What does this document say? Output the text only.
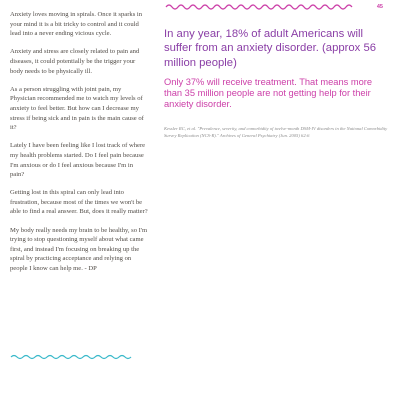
45

In any year, 18% of adult Americans will suffer from an anxiety disorder. (approx 56 million people)

Only 37% will receive treatment. That means more than 35 million people are not getting help for their anxiety disorder.

Kessler RC, et al. "Prevalence, severity, and comorbidity of twelve-month DSM-IV disorders in the National Comorbidity Survey Replication (NCS-R)." Archives of General Psychiatry (Jun. 2005) 62:6

Anxiety loves moving in spirals. Once it sparks in your mind it is a bit tricky to control and it could lead into a never ending vicious cycle.

Anxiety and stress are closely related to pain and diseases, it could potentially be the trigger your body needs to be physically ill.

As a person struggling with joint pain, my Physician recommended me to watch my levels of anxiety to feel better. But how can I decrease my stress if being sick and in pain is the main cause of it?

Lately I have been feeling like I lost track of where my health problems started. Do I feel pain because I'm anxious or do I feel anxious because I'm in pain?

Getting lost in this spiral can only lead into frustration, because most of the times we won't be able to find a real answer. But, does it really matter?

My body really needs my brain to be healthy, so I'm trying to stop questioning myself about what came first, and instead I'm focusing on breaking up the spiral by practicing acceptance and relying on people I know can help me. - DP
